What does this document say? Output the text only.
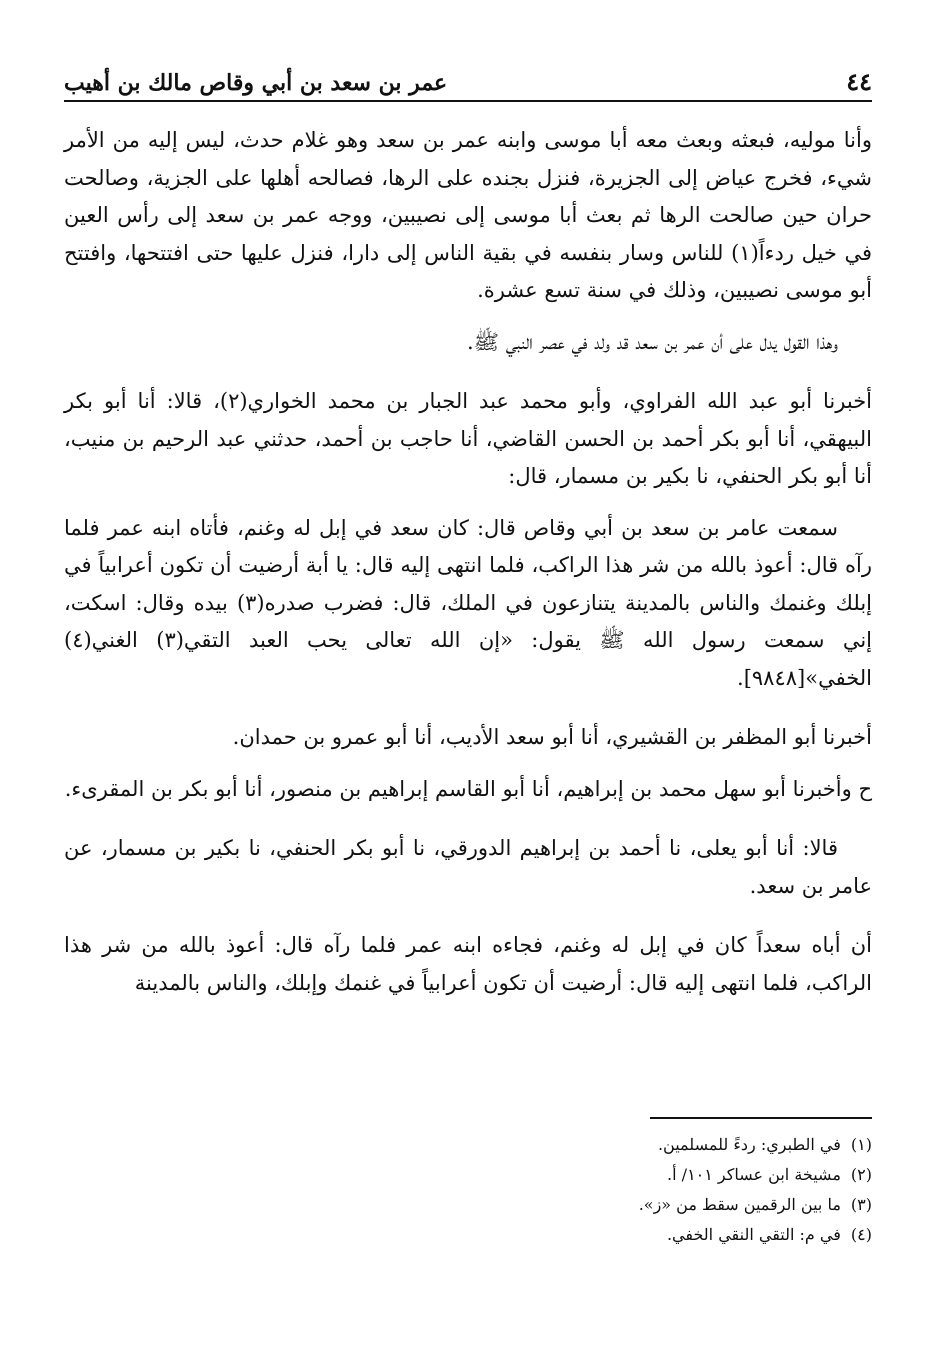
٤٤
عمر بن سعد بن أبي وقاص مالك بن أهيب

وأنا موليه، فبعثه وبعث معه أبا موسى وابنه عمر بن سعد وهو غلام حدث، ليس إليه من الأمر شيء، فخرج عياض إلى الجزيرة، فنزل بجنده على الرها، فصالحه أهلها على الجزية، وصالحت حران حين صالحت الرها ثم بعث أبا موسى إلى نصيبين، ووجه عمر بن سعد إلى رأس العين في خيل ردءاً(١) للناس وسار بنفسه في بقية الناس إلى دارا، فنزل عليها حتى افتتحها، وافتتح أبو موسى نصيبين، وذلك في سنة تسع عشرة.

وهذا القول يدل على أن عمر بن سعد قد ولد في عصر النبي ﷺ.

أخبرنا أبو عبد الله الفراوي، وأبو محمد عبد الجبار بن محمد الخواري(٢)، قالا: أنا أبو بكر البيهقي، أنا أبو بكر أحمد بن الحسن القاضي، أنا حاجب بن أحمد، حدثني عبد الرحيم بن منيب، أنا أبو بكر الحنفي، نا بكير بن مسمار، قال:

سمعت عامر بن سعد بن أبي وقاص قال: كان سعد في إبل له وغنم، فأتاه ابنه عمر فلما رآه قال: أعوذ بالله من شر هذا الراكب، فلما انتهى إليه قال: يا أبة أرضيت أن تكون أعرابياً في إبلك وغنمك والناس بالمدينة يتنازعون في الملك، قال: فضرب صدره(٣) بيده وقال: اسكت، إني سمعت رسول الله ﷺ يقول: «إن الله تعالى يحب العبد التقي(٣) الغني(٤) الخفي»[٩٨٤٨].

أخبرنا أبو المظفر بن القشيري، أنا أبو سعد الأديب، أنا أبو عمرو بن حمدان.

ح وأخبرنا أبو سهل محمد بن إبراهيم، أنا أبو القاسم إبراهيم بن منصور، أنا أبو بكر بن المقرىء.

قالا: أنا أبو يعلى، نا أحمد بن إبراهيم الدورقي، نا أبو بكر الحنفي، نا بكير بن مسمار، عن عامر بن سعد.

أن أباه سعداً كان في إبل له وغنم، فجاءه ابنه عمر فلما رآه قال: أعوذ بالله من شر هذا الراكب، فلما انتهى إليه قال: أرضيت أن تكون أعرابياً في غنمك وإبلك، والناس بالمدينة

(١)
في الطبري: ردءً للمسلمين.
(٢)
مشيخة ابن عساكر ١٠١/ أ.
(٣)
ما بين الرقمين سقط من «ز».
(٤)
في م: التقي النقي الخفي.
